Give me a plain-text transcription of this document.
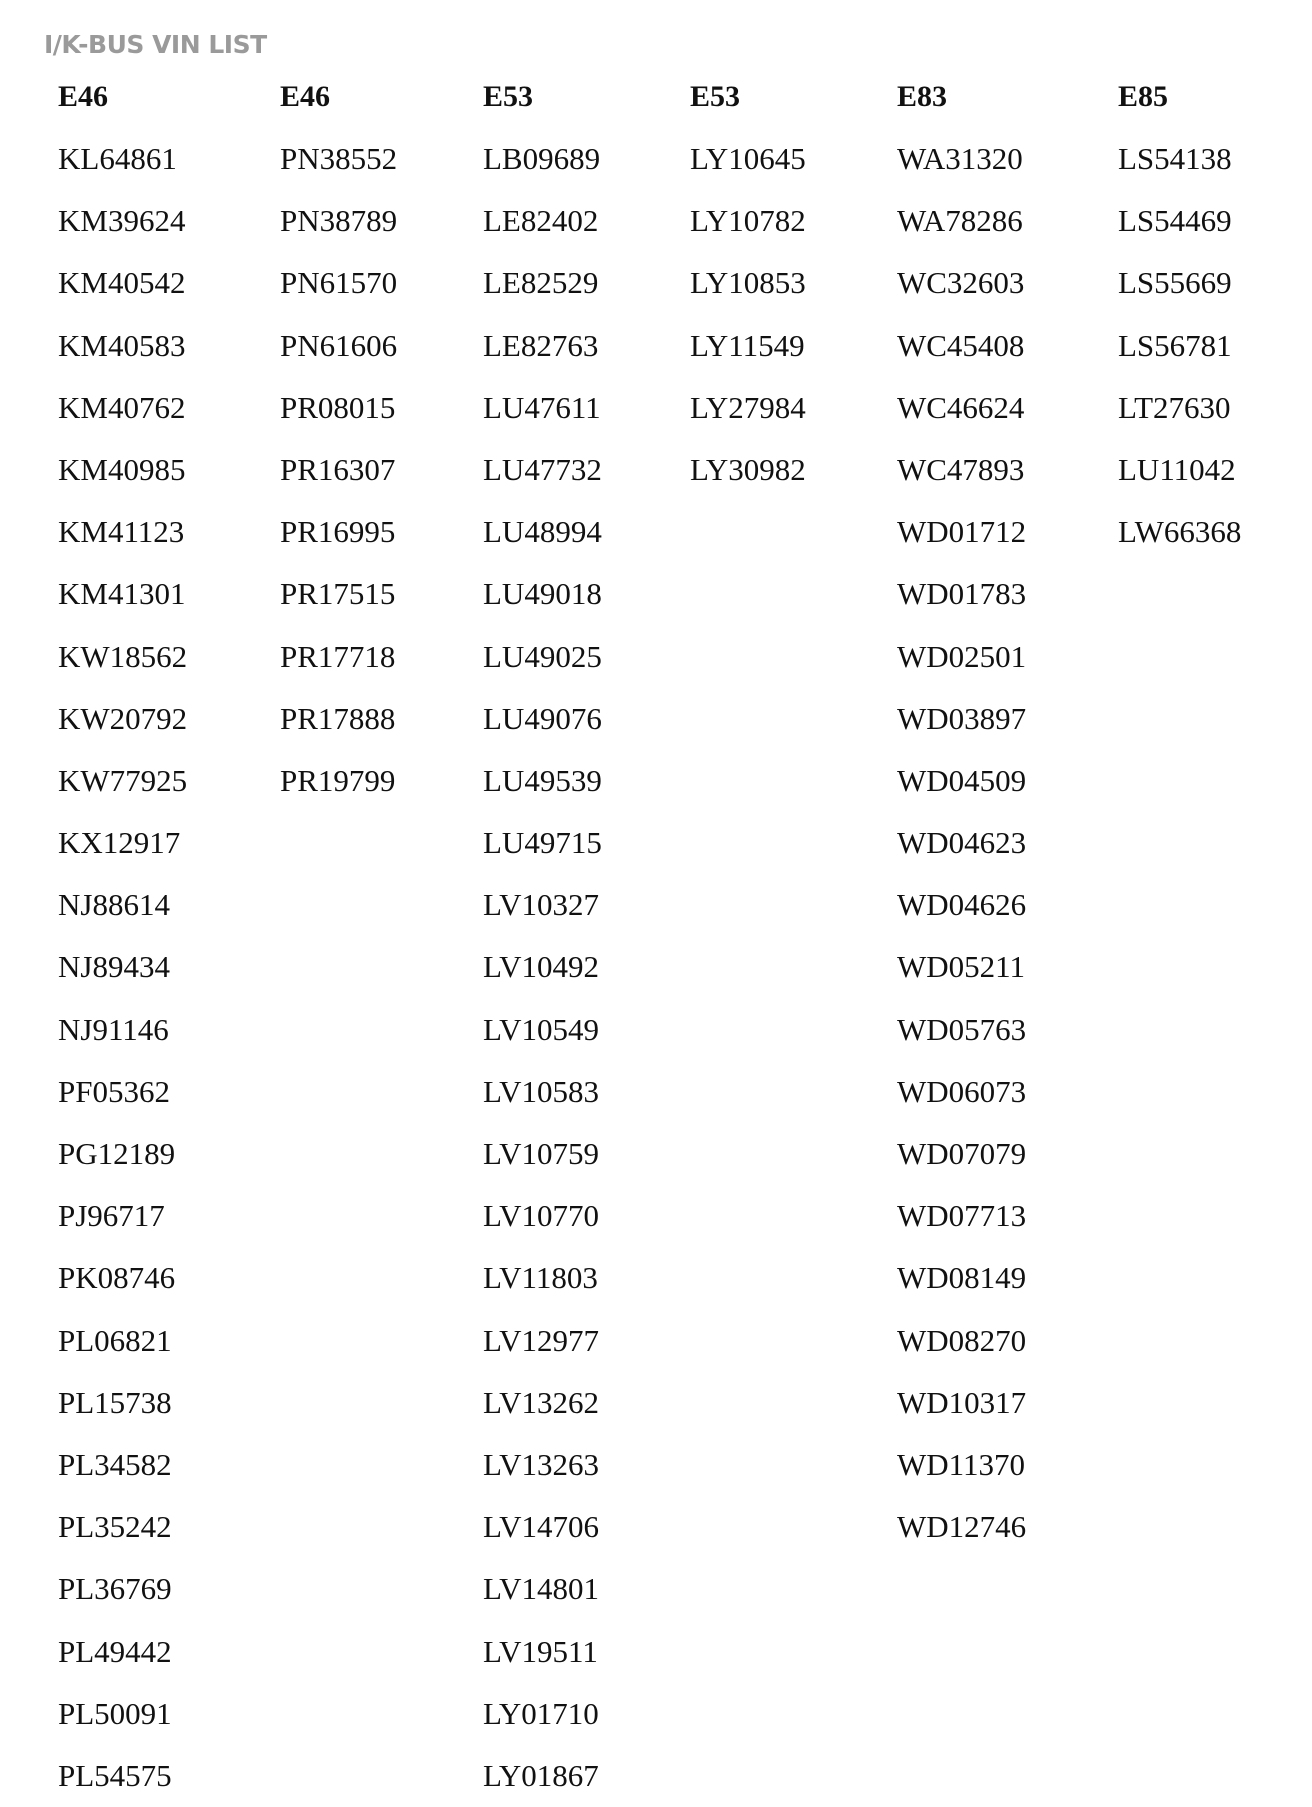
I/K-BUS VIN LIST
E46
KL64861
KM39624
KM40542
KM40583
KM40762
KM40985
KM41123
KM41301
KW18562
KW20792
KW77925
KX12917
NJ88614
NJ89434
NJ91146
PF05362
PG12189
PJ96717
PK08746
PL06821
PL15738
PL34582
PL35242
PL36769
PL49442
PL50091
PL54575
E46
PN38552
PN38789
PN61570
PN61606
PR08015
PR16307
PR16995
PR17515
PR17718
PR17888
PR19799
E53
LB09689
LE82402
LE82529
LE82763
LU47611
LU47732
LU48994
LU49018
LU49025
LU49076
LU49539
LU49715
LV10327
LV10492
LV10549
LV10583
LV10759
LV10770
LV11803
LV12977
LV13262
LV13263
LV14706
LV14801
LV19511
LY01710
LY01867
E53
LY10645
LY10782
LY10853
LY11549
LY27984
LY30982
E83
WA31320
WA78286
WC32603
WC45408
WC46624
WC47893
WD01712
WD01783
WD02501
WD03897
WD04509
WD04623
WD04626
WD05211
WD05763
WD06073
WD07079
WD07713
WD08149
WD08270
WD10317
WD11370
WD12746
E85
LS54138
LS54469
LS55669
LS56781
LT27630
LU11042
LW66368
